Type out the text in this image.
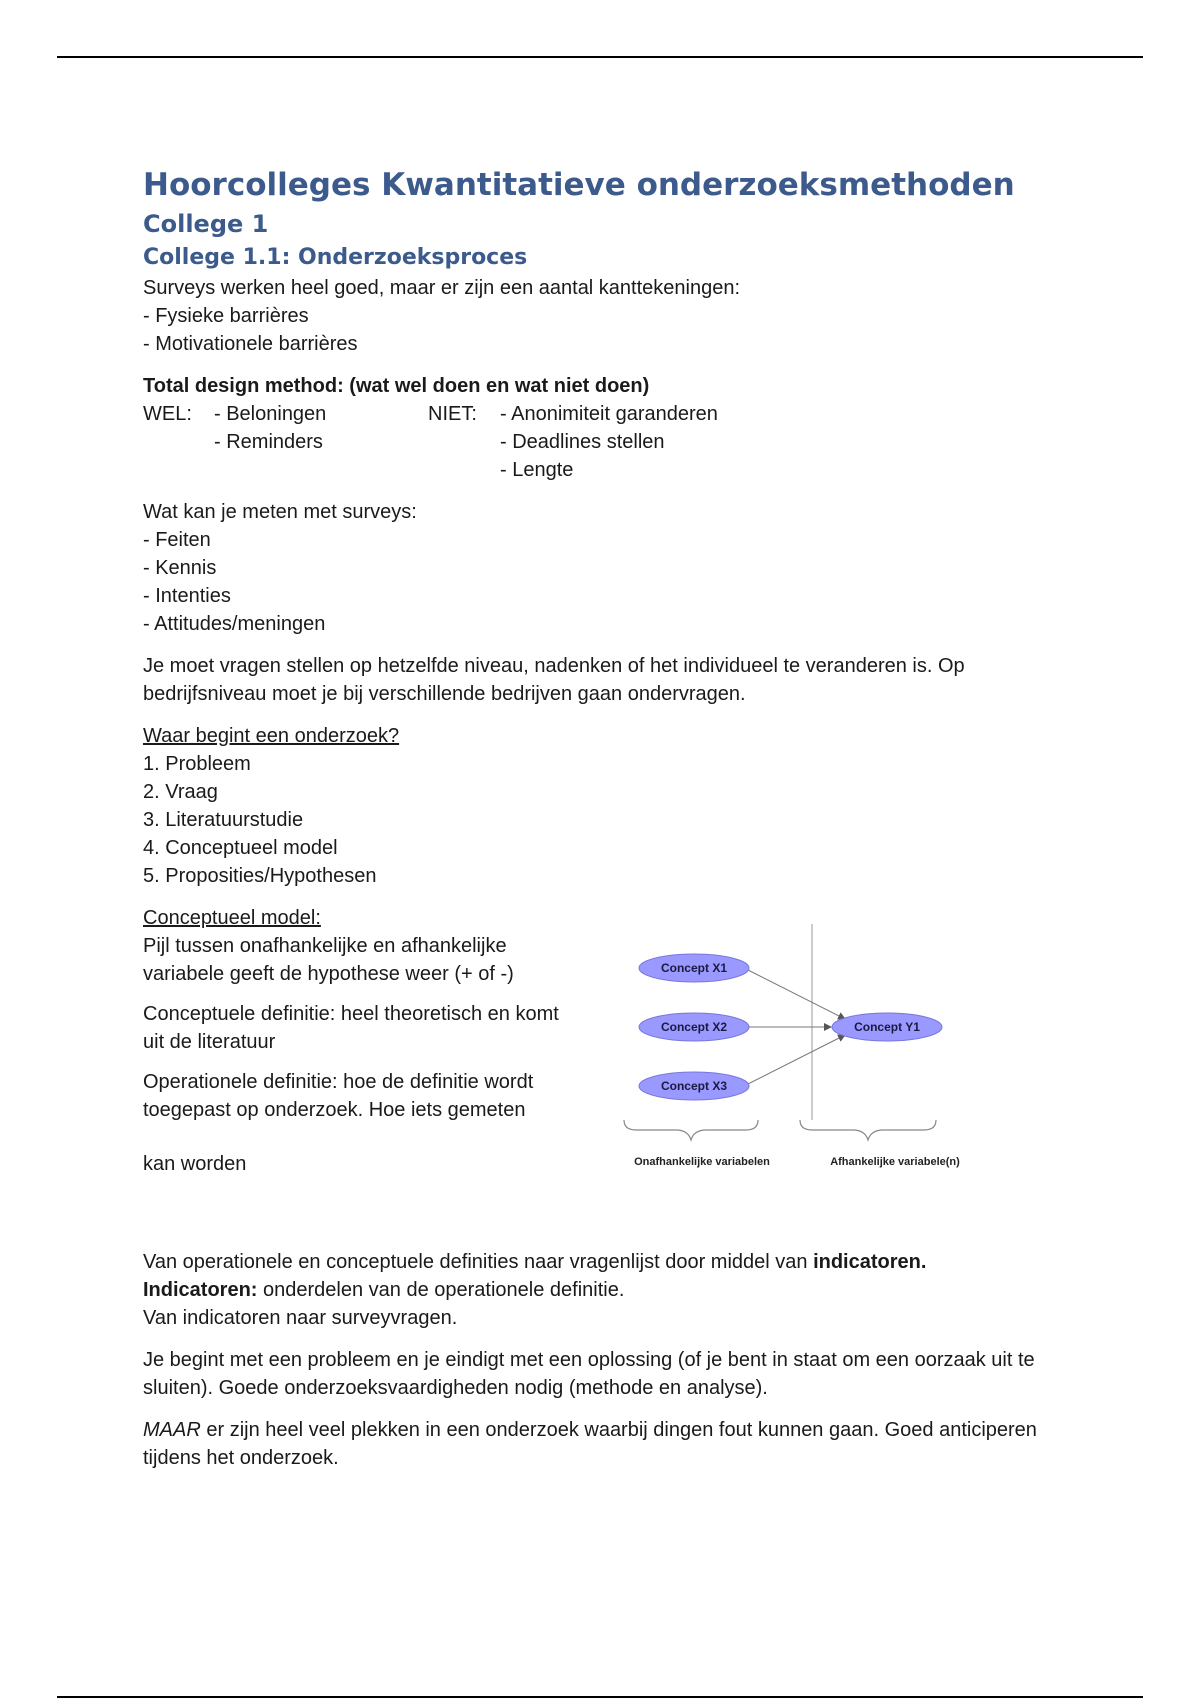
Hoorcolleges Kwantitatieve onderzoeksmethoden
College 1
College 1.1: Onderzoeksproces

Surveys werken heel goed, maar er zijn een aantal kanttekeningen:

- Fysieke barrières

- Motivationele barrières

Total design method: (wat wel doen en wat niet doen)

WEL: - Beloningen

- Reminders

NIET: - Anonimiteit garanderen

- Deadlines stellen

- Lengte

Wat kan je meten met surveys:

- Feiten

- Kennis

- Intenties

- Attitudes/meningen

Je moet vragen stellen op hetzelfde niveau, nadenken of het individueel te veranderen is. Op bedrijfsniveau moet je bij verschillende bedrijven gaan ondervragen.

Waar begint een onderzoek?

1. Probleem

2. Vraag

3. Literatuurstudie

4. Conceptueel model

5. Proposities/Hypothesen

Conceptueel model:

Pijl tussen onafhankelijke en afhankelijke variabele geeft de hypothese weer (+ of -)

Conceptuele definitie: heel theoretisch en komt uit de literatuur

Operationele definitie: hoe de definitie wordt toegepast op onderzoek. Hoe iets gemeten

kan worden

Concept X1
Concept X2
Concept X3
Concept Y1
Onafhankelijke variabelen	Afhankelijke variabele(n)

Van operationele en conceptuele definities naar vragenlijst door middel van indicatoren.

Indicatoren: onderdelen van de operationele definitie.

Van indicatoren naar surveyvragen.

Je begint met een probleem en je eindigt met een oplossing (of je bent in staat om een oorzaak uit te sluiten). Goede onderzoeksvaardigheden nodig (methode en analyse).

MAAR er zijn heel veel plekken in een onderzoek waarbij dingen fout kunnen gaan. Goed anticiperen tijdens het onderzoek.
